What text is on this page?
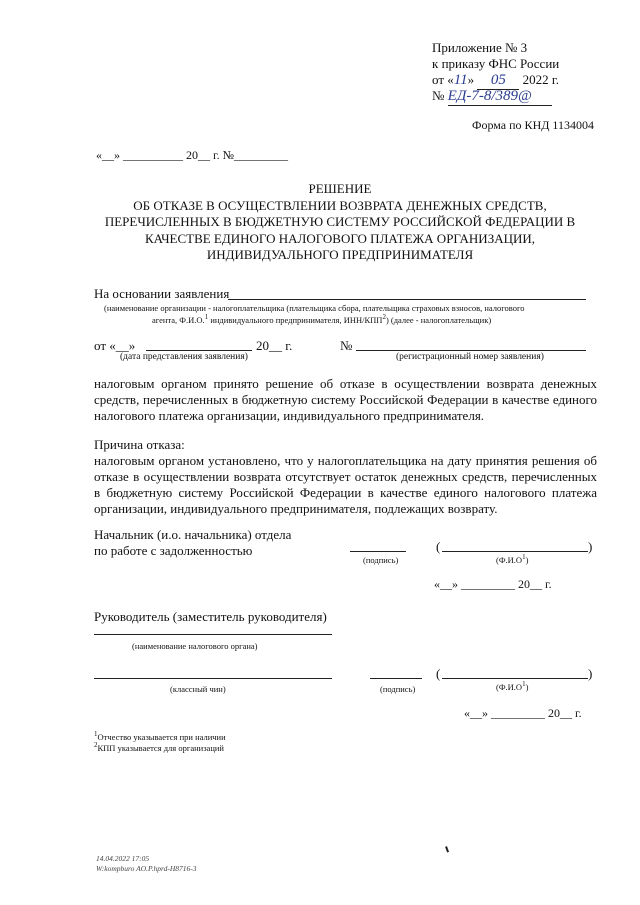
Приложение № 3
к приказу ФНС России
от «11» 05 2022 г.
№ ЕД-7-8/389@
Форма по КНД 1134004
«__» __________ 20__ г. №_________
РЕШЕНИЕ
ОБ ОТКАЗЕ В ОСУЩЕСТВЛЕНИИ ВОЗВРАТА ДЕНЕЖНЫХ СРЕДСТВ,
ПЕРЕЧИСЛЕННЫХ В БЮДЖЕТНУЮ СИСТЕМУ РОССИЙСКОЙ ФЕДЕРАЦИИ В
КАЧЕСТВЕ ЕДИНОГО НАЛОГОВОГО ПЛАТЕЖА ОРГАНИЗАЦИИ,
ИНДИВИДУАЛЬНОГО ПРЕДПРИНИМАТЕЛЯ
На основании заявления
(наименование организации - налогоплательщика (плательщика сбора, плательщика страховых взносов, налогового
агента, Ф.И.О.$^1$ индивидуального предпринимателя, ИНН/КПП$^2$) (далее - налогоплательщик)
от «__»	20__ г.	№
(дата представления заявления)	(регистрационный номер заявления)
налоговым органом принято решение об отказе в осуществлении возврата денежных средств, перечисленных в бюджетную систему Российской Федерации в качестве единого налогового платежа организации, индивидуального предпринимателя.
Причина отказа:
налоговым органом установлено, что у налогоплательщика на дату принятия решения об отказе в осуществлении возврата отсутствует остаток денежных средств, перечисленных в бюджетную систему Российской Федерации в качестве единого налогового платежа организации, индивидуального предпринимателя, подлежащих возврату.
Начальник (и.о. начальника) отдела
по работе с задолженностью
(подпись)
(	)
$(Ф.И.О^1)$
«__» _________ 20__ г.
Руководитель (заместитель руководителя)
(наименование налогового органа)
(классный чин)	(подпись)
(	)
$(Ф.И.О^1)$
«__» _________ 20__ г.
$^1$Отчество указывается при наличии
$^2$КПП указывается для организаций
14.04.2022 17:05
W:kompburo AO.P.hprd-H8716-3
